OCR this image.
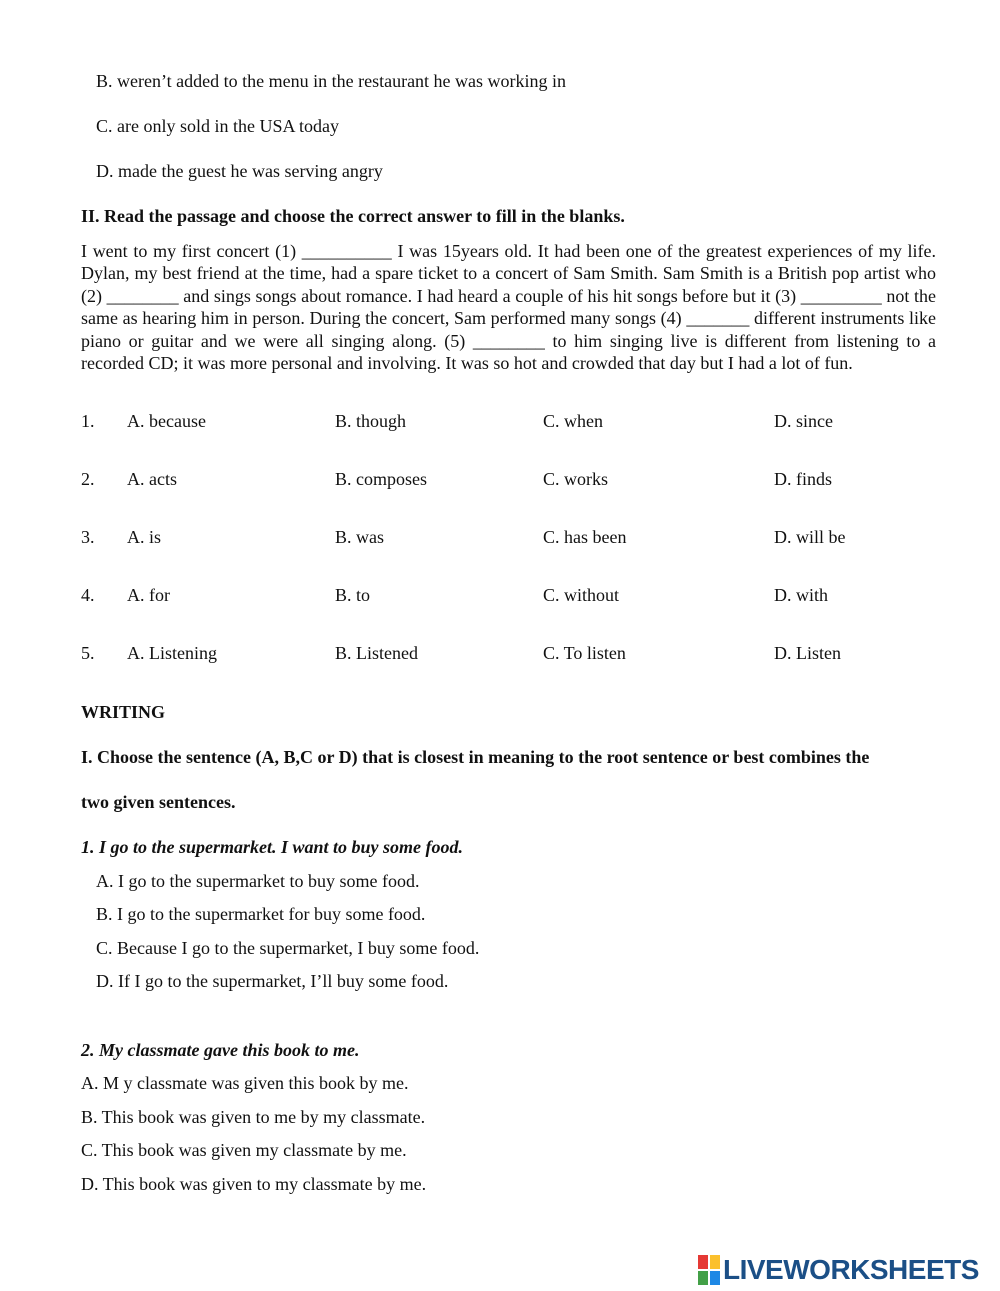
B. weren’t added to the menu in the restaurant he was working in
C. are only sold in the USA today
D. made the guest he was serving angry
II. Read the passage and choose the correct answer to fill in the blanks.
I went to my first concert (1) __________ I was 15years old. It had been one of the greatest experiences of my life. Dylan, my best friend at the time, had a spare ticket to a concert of Sam Smith. Sam Smith is a British pop artist who (2) ________ and sings songs about romance. I had heard a couple of his hit songs before but it (3) _________ not the same as hearing him in person. During the concert, Sam performed many songs (4) _______ different instruments like piano or guitar and we were all singing along. (5) ________ to him singing live is different from listening to a recorded CD; it was more personal and involving. It was so hot and crowded that day but I had a lot of fun.
1. A. because	B. though	C. when	D. since
2. A. acts	B. composes	C. works	D. finds
3. A. is	B. was	C. has been	D. will be
4. A. for	B. to	C. without	D. with
5. A. Listening	B. Listened	C. To listen	D. Listen
WRITING
I. Choose the sentence (A, B,C or D) that is closest in meaning to the root sentence or best combines the
two given sentences.
1. I go to the supermarket. I want to buy some food.
A. I go to the supermarket to buy some food.
B. I go to the supermarket for buy some food.
C. Because I go to the supermarket, I buy some food.
D. If I go to the supermarket, I’ll buy some food.
2. My classmate gave this book to me.
A. M y classmate was given this book by me.
B. This book was given to me by my classmate.
C. This book was given my classmate by me.
D. This book was given to my classmate by me.
LIVEWORKSHEETS
